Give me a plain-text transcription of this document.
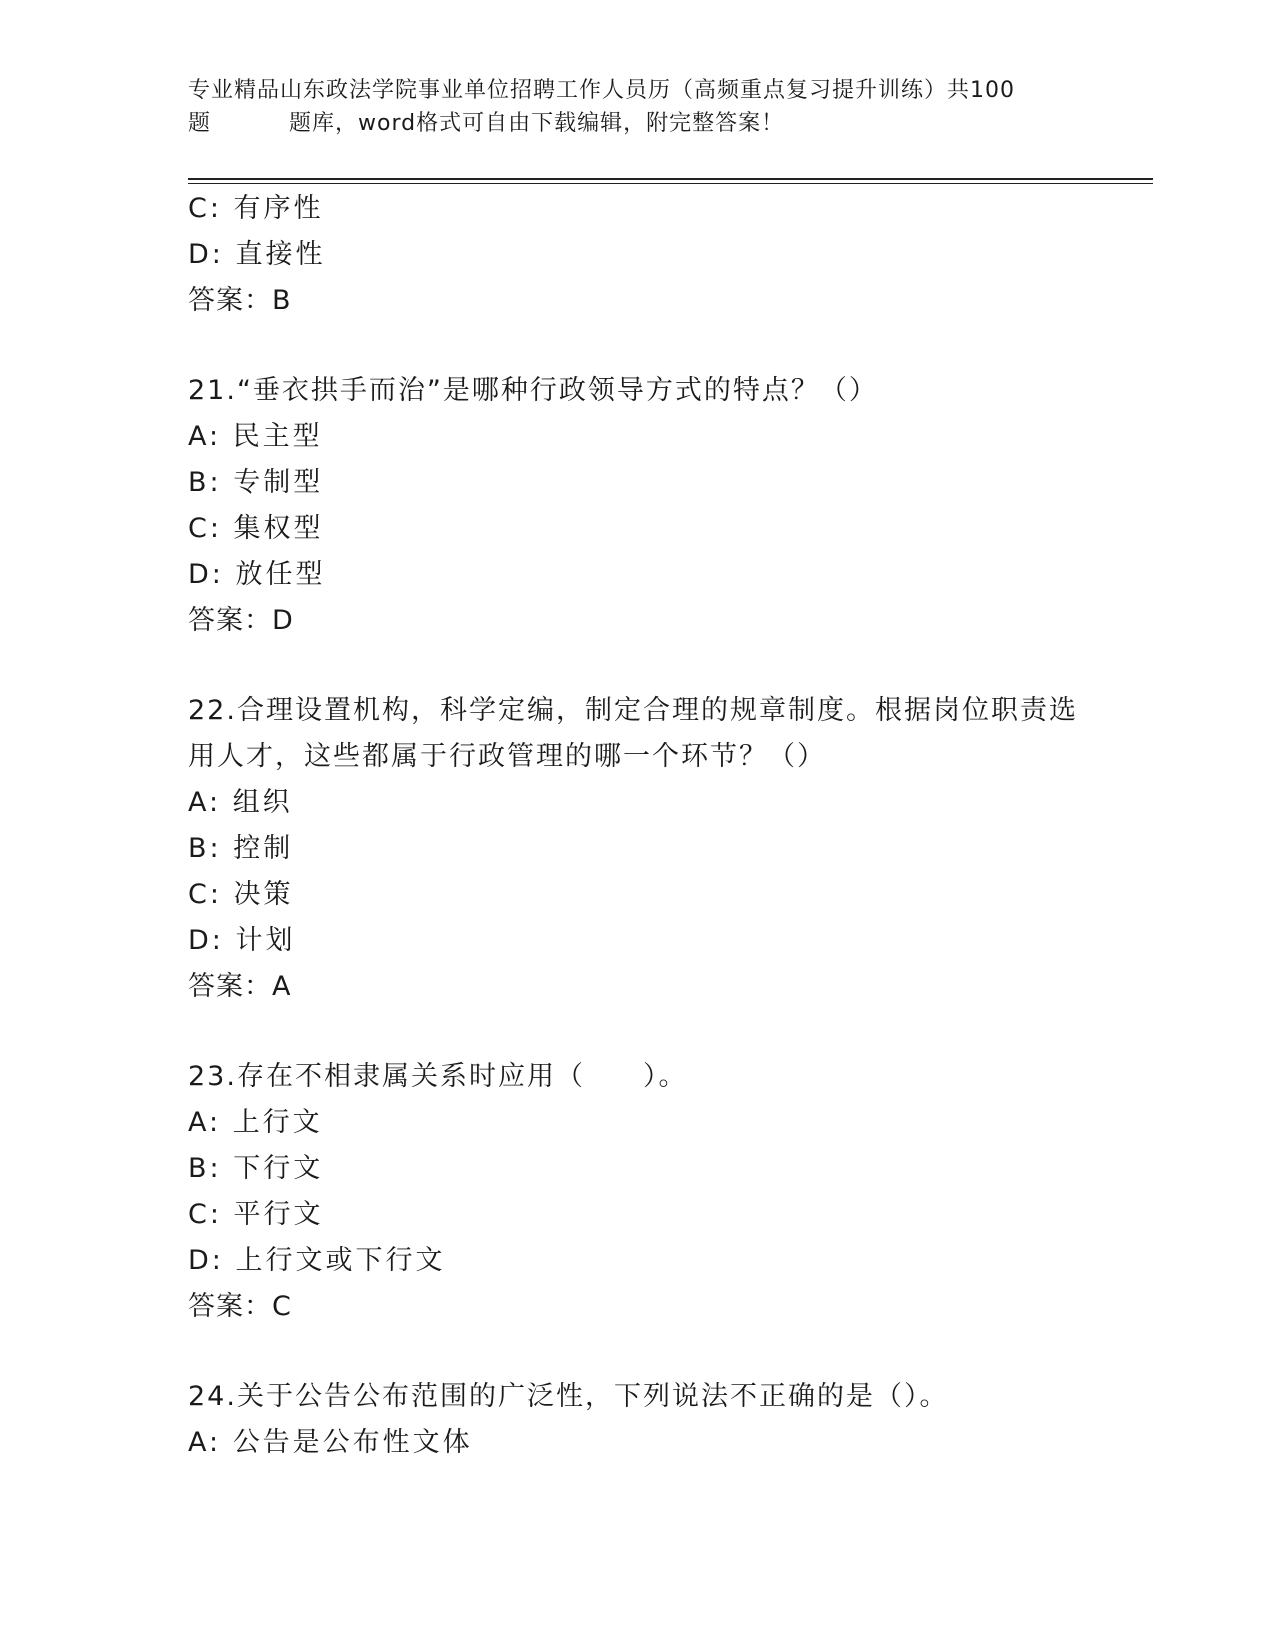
专业精品山东政法学院事业单位招聘工作人员历（高频重点复习提升训练）共100
题	题库，word格式可自由下载编辑，附完整答案！
C: 有序性
D: 直接性
答案：B
21.“垂衣拱手而治”是哪种行政领导方式的特点？（）
A: 民主型
B: 专制型
C: 集权型
D: 放任型
答案：D
22.合理设置机构，科学定编，制定合理的规章制度。根据岗位职责选
用人才，这些都属于行政管理的哪一个环节？（）
A: 组织
B: 控制
C: 决策
D: 计划
答案：A
23.存在不相隶属关系时应用（　　）。
A: 上行文
B: 下行文
C: 平行文
D: 上行文或下行文
答案：C
24.关于公告公布范围的广泛性，下列说法不正确的是（）。
A: 公告是公布性文体
